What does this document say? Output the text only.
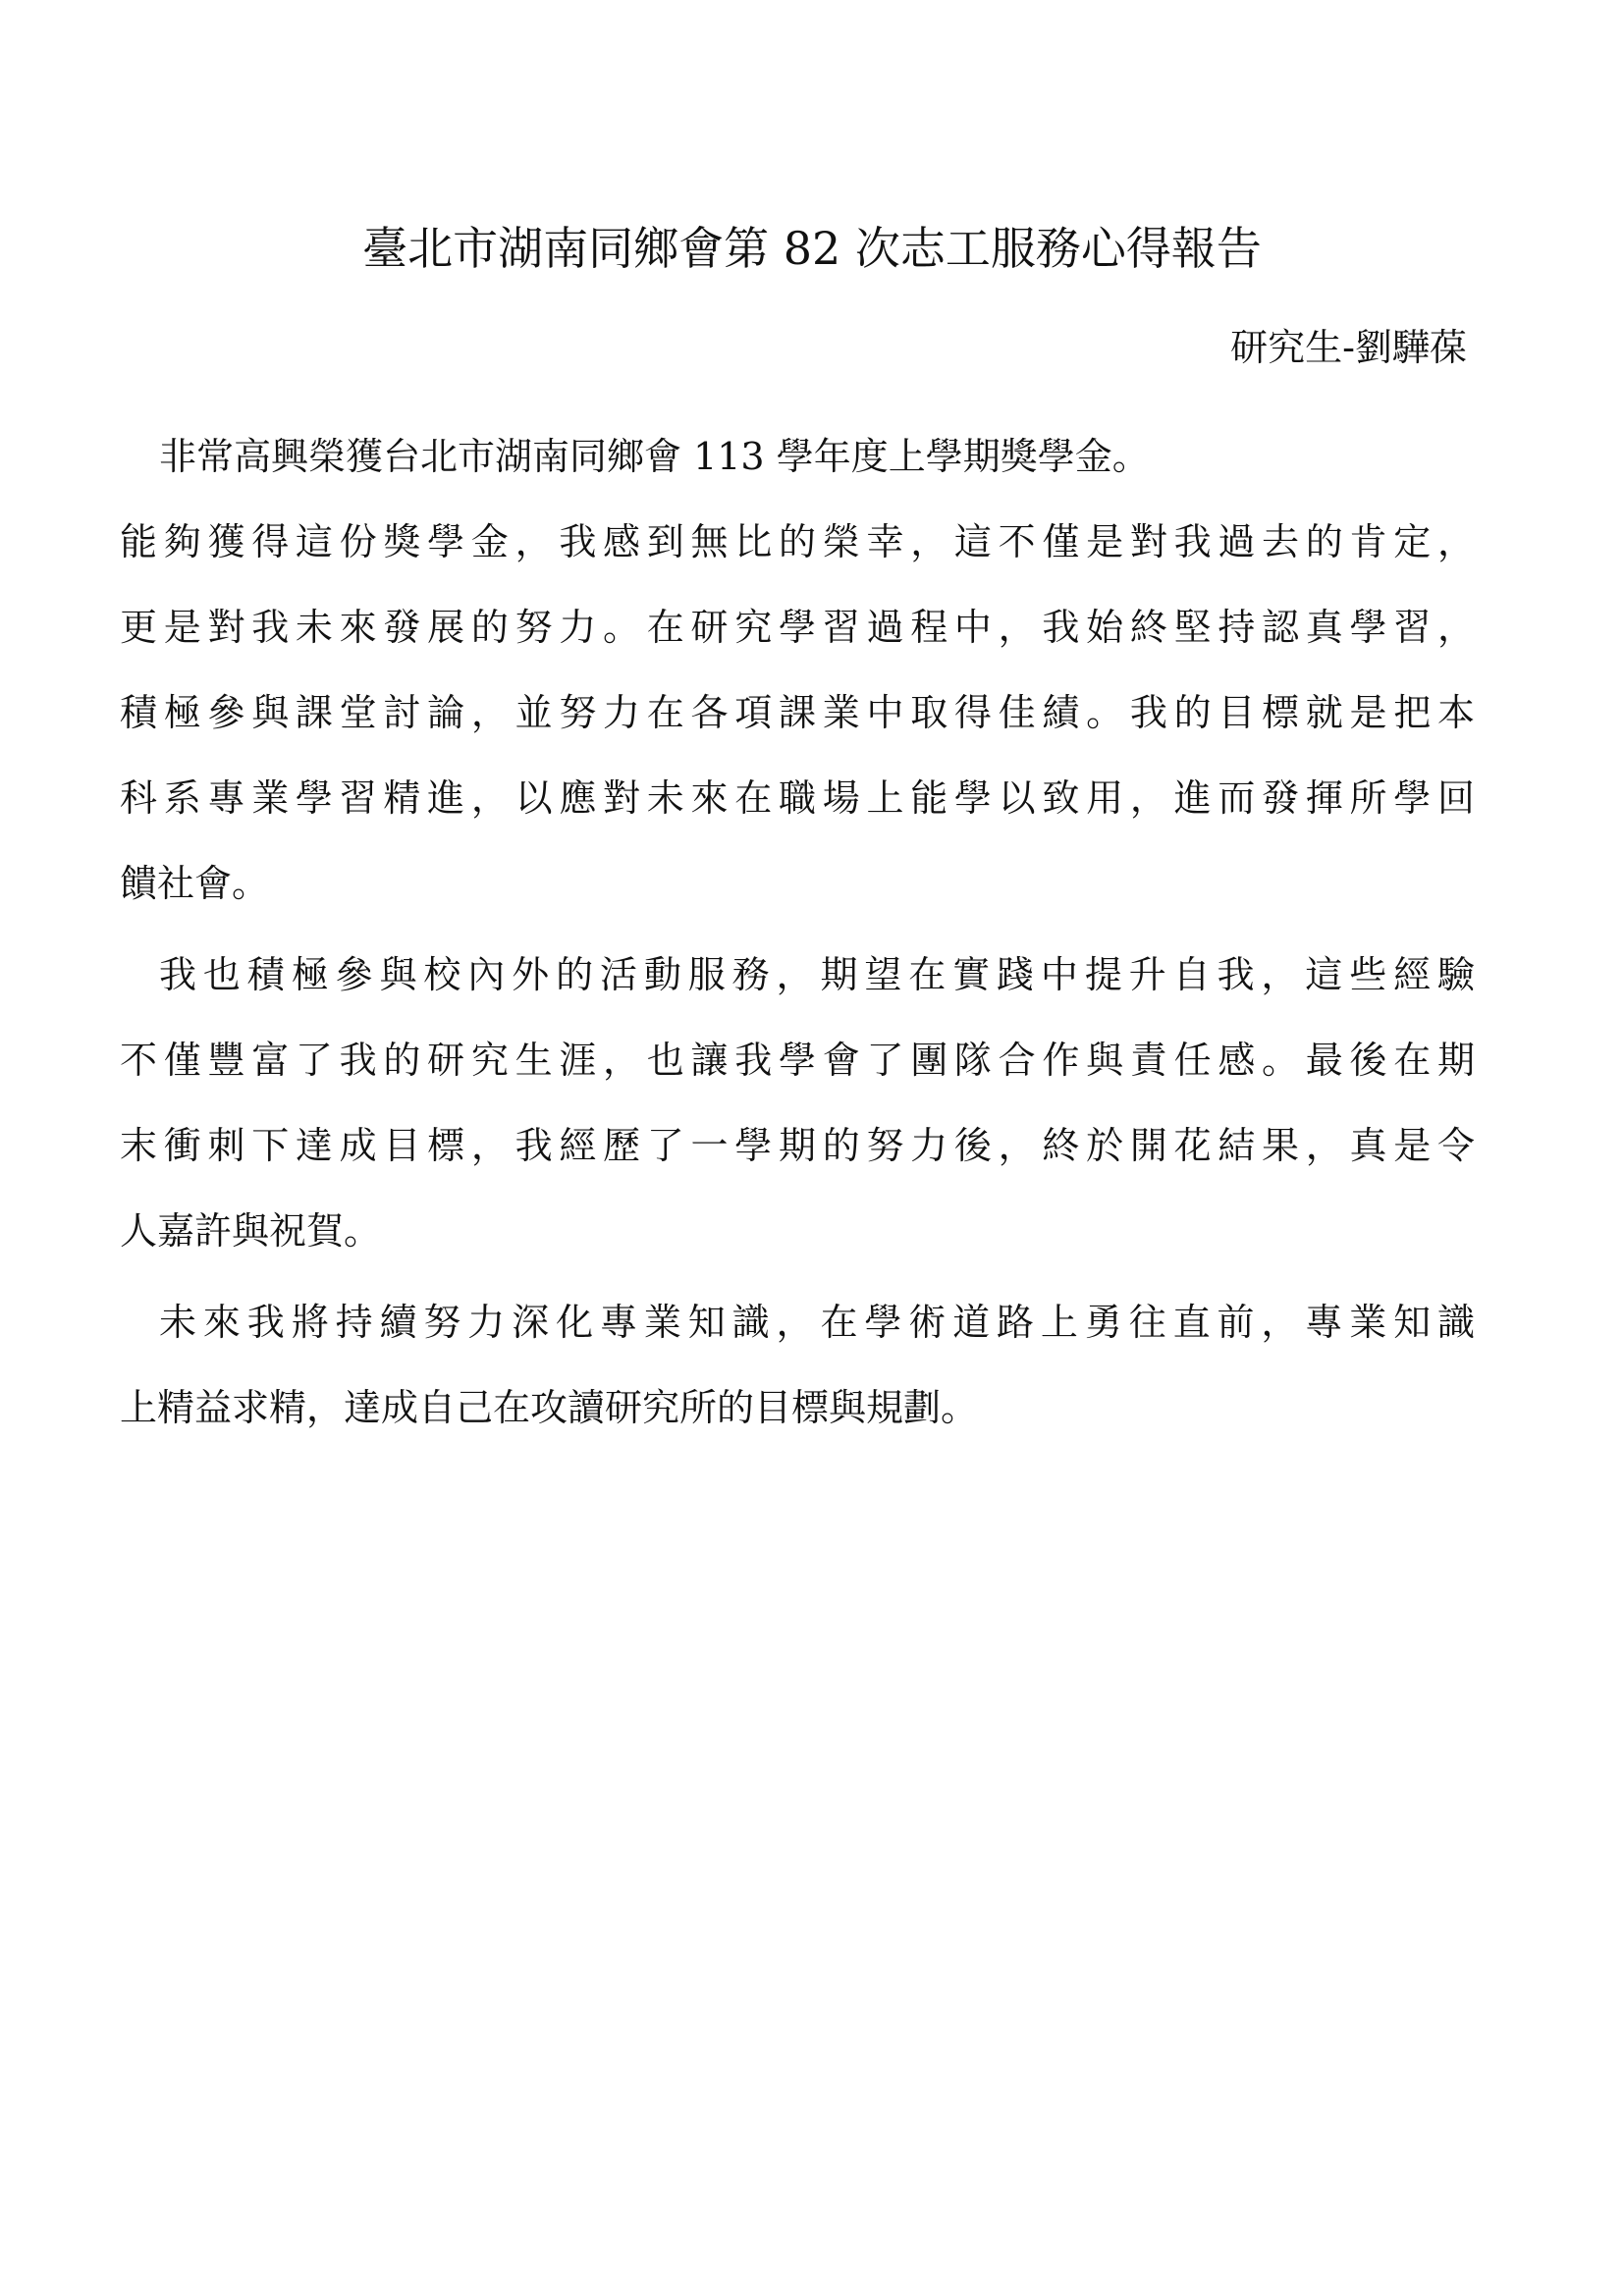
臺北市湖南同鄉會第 82 次志工服務心得報告
研究生-劉驊葆
非常高興榮獲台北市湖南同鄉會 113 學年度上學期獎學金。
能夠獲得這份獎學金，我感到無比的榮幸，這不僅是對我過去的肯定，
更是對我未來發展的努力。在研究學習過程中，我始終堅持認真學習，
積極參與課堂討論，並努力在各項課業中取得佳績。我的目標就是把本
科系專業學習精進，以應對未來在職場上能學以致用，進而發揮所學回
饋社會。
我也積極參與校內外的活動服務，期望在實踐中提升自我，這些經驗
不僅豐富了我的研究生涯，也讓我學會了團隊合作與責任感。最後在期
末衝刺下達成目標，我經歷了一學期的努力後，終於開花結果，真是令
人嘉許與祝賀。
未來我將持續努力深化專業知識，在學術道路上勇往直前，專業知識
上精益求精，達成自己在攻讀研究所的目標與規劃。
